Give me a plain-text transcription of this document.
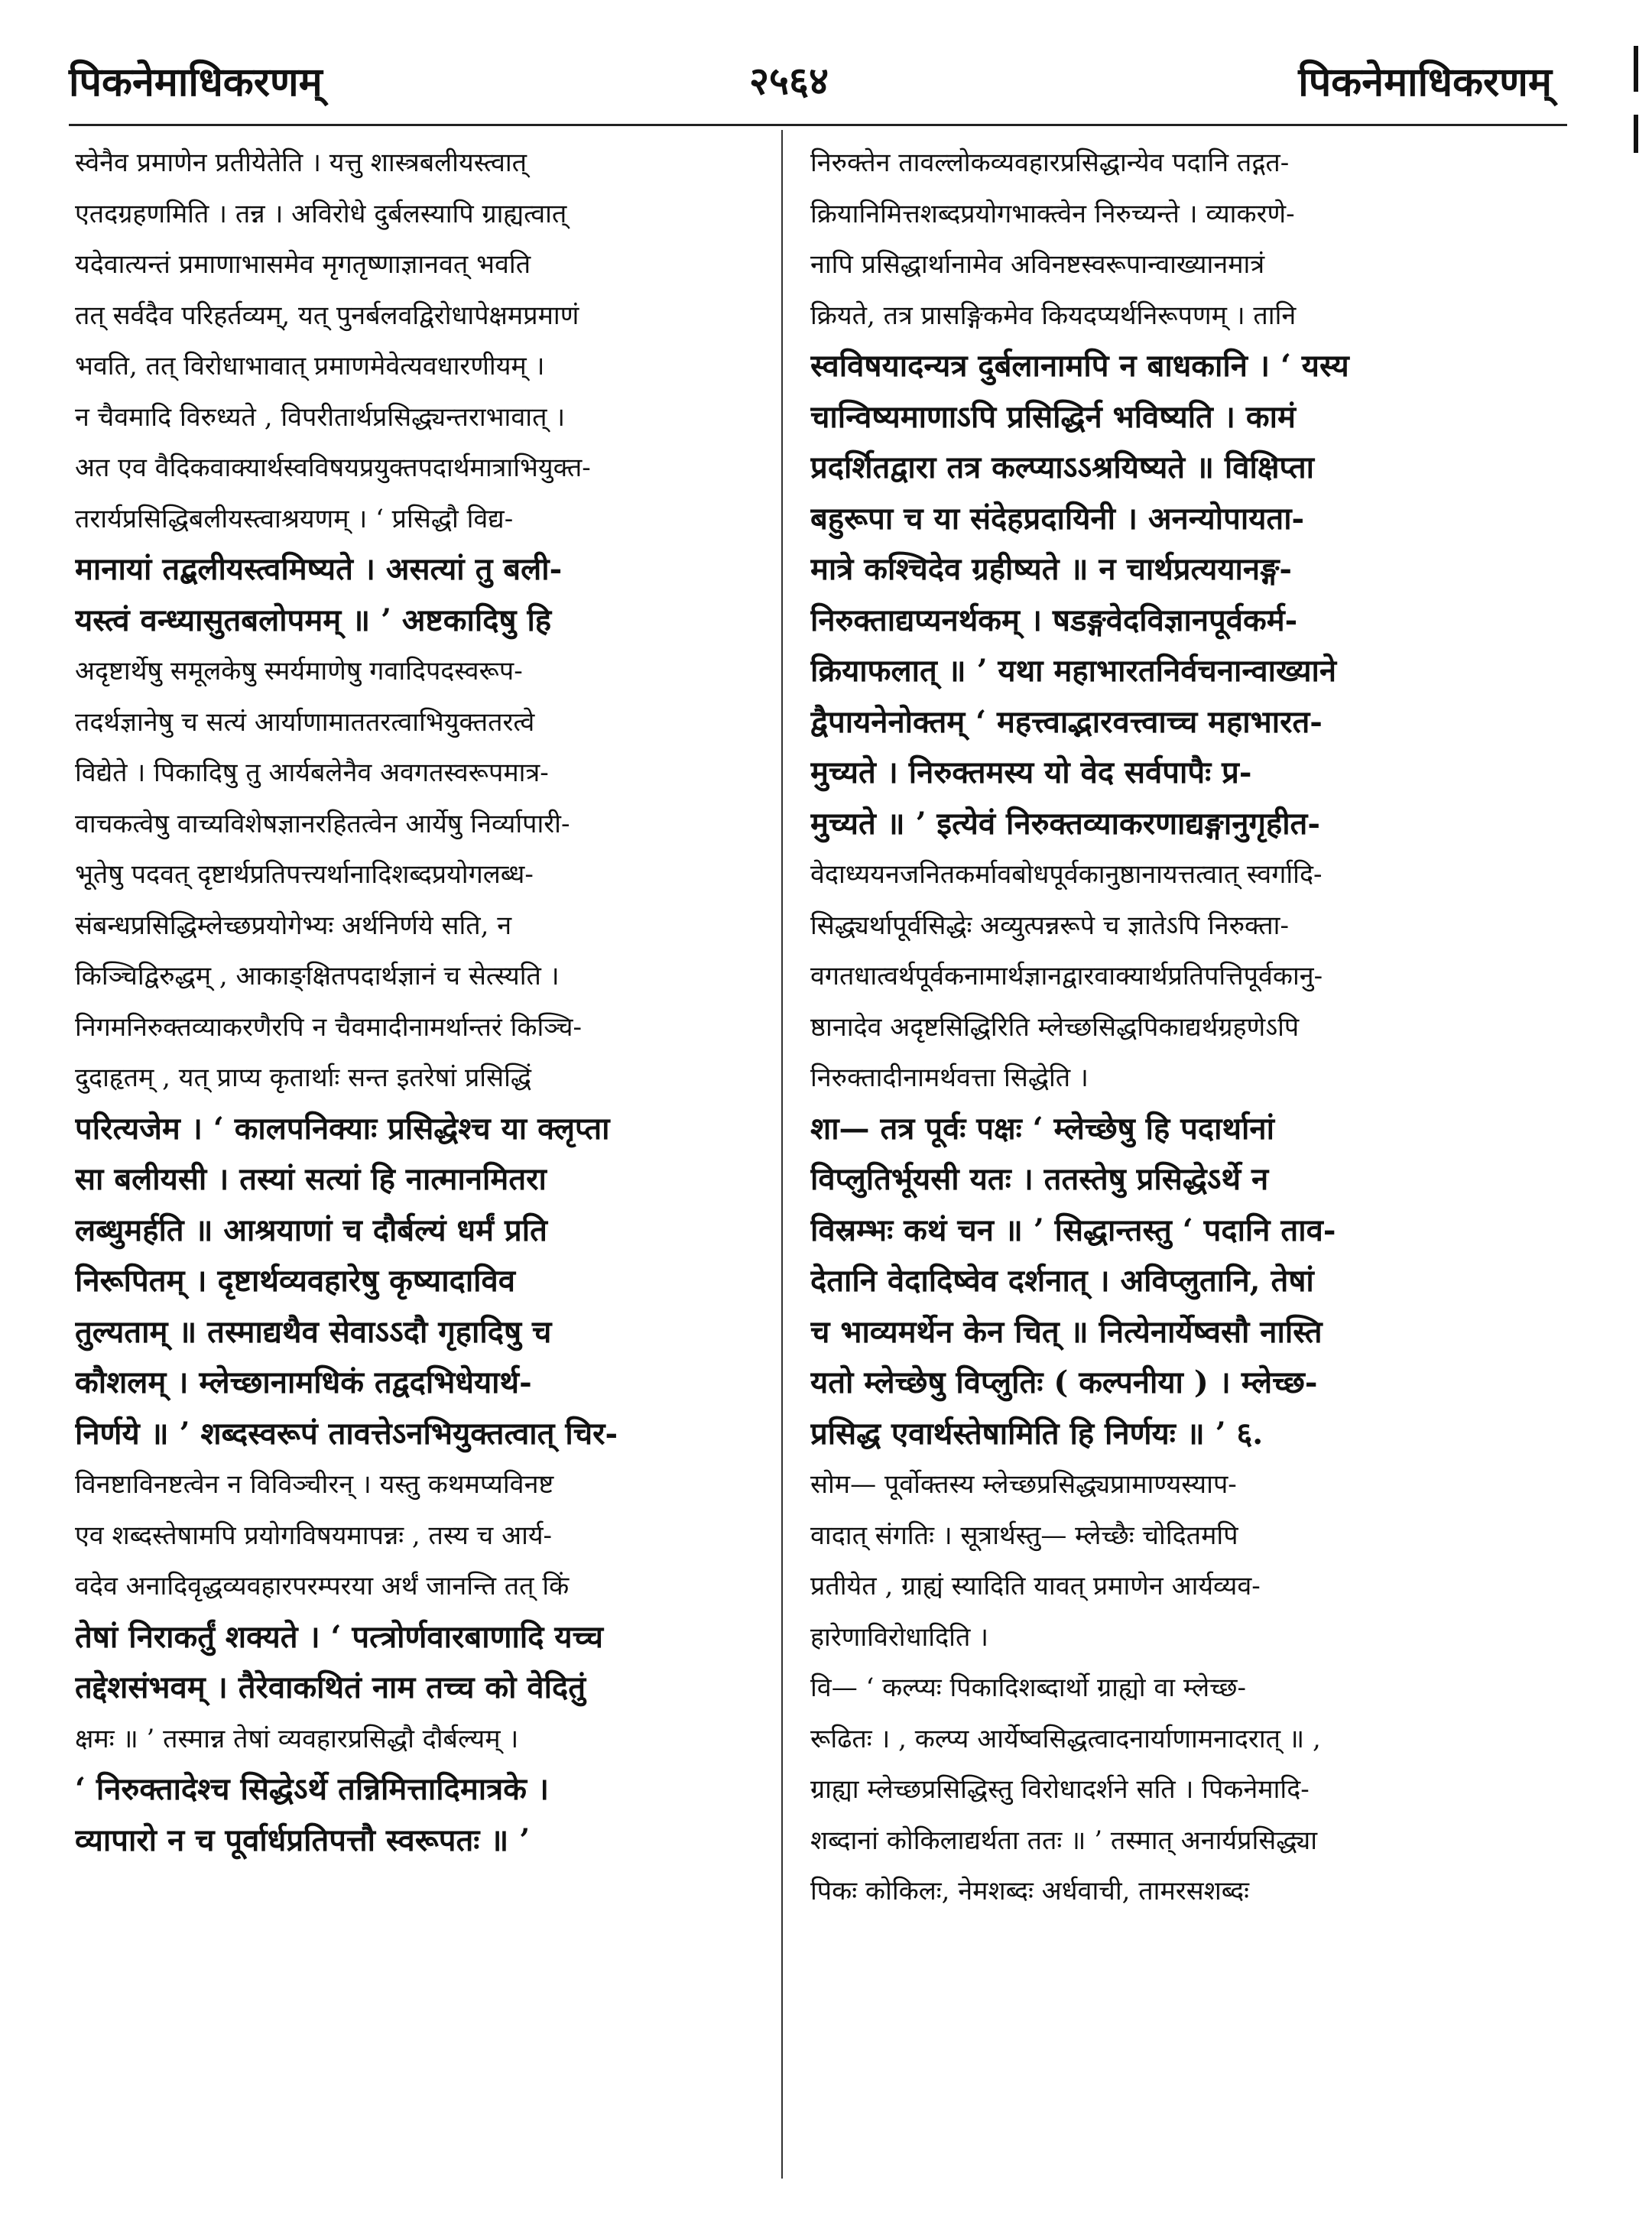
पिकनेमाधिकरणम्	२५६४	पिकनेमाधिकरणम्
स्वेनैव प्रमाणेन प्रतीयेतेति । यत्तु शास्त्रबलीयस्त्वात्
एतदग्रहणमिति । तन्न । अविरोधे दुर्बलस्यापि ग्राह्यत्वात्
यदेवात्यन्तं प्रमाणाभासमेव मृगतृष्णाज्ञानवत् भवति
तत् सर्वदैव परिहर्तव्यम्, यत् पुनर्बलवद्विरोधापेक्षमप्रमाणं
भवति, तत् विरोधाभावात् प्रमाणमेवेत्यवधारणीयम् ।
न चैवमादि विरुध्यते , विपरीतार्थप्रसिद्ध्यन्तराभावात् ।
अत एव वैदिकवाक्यार्थस्वविषयप्रयुक्तपदार्थमात्राभियुक्त-
तरार्यप्रसिद्धिबलीयस्त्वाश्रयणम् । ‘ प्रसिद्धौ विद्य-
मानायां तद्बलीयस्त्वमिष्यते । असत्यां तु बली-
यस्त्वं वन्ध्यासुतबलोपमम् ॥ ’ अष्टकादिषु हि
अदृष्टार्थेषु समूलकेषु स्मर्यमाणेषु गवादिपदस्वरूप-
तदर्थज्ञानेषु च सत्यं आर्याणामाततरत्वाभियुक्ततरत्वे
विद्येते । पिकादिषु तु आर्यबलेनैव अवगतस्वरूपमात्र-
वाचकत्वेषु वाच्यविशेषज्ञानरहितत्वेन आर्येषु निर्व्यापारी-
भूतेषु पदवत् दृष्टार्थप्रतिपत्त्यर्थानादिशब्दप्रयोगलब्ध-
संबन्धप्रसिद्धिम्लेच्छप्रयोगेभ्यः अर्थनिर्णये सति, न
किञ्चिद्विरुद्धम् , आकाङ्क्षितपदार्थज्ञानं च सेत्स्यति ।
निगमनिरुक्तव्याकरणैरपि न चैवमादीनामर्थान्तरं किञ्चि-
दुदाहृतम् , यत् प्राप्य कृतार्थाः सन्त इतरेषां प्रसिद्धिं
परित्यजेम । ‘ कालपनिक्याः प्रसिद्धेश्च या क्लृप्ता
सा बलीयसी । तस्यां सत्यां हि नात्मानमितरा
लब्धुमर्हति ॥ आश्रयाणां च दौर्बल्यं धर्मं प्रति
निरूपितम् । दृष्टार्थव्यवहारेषु कृष्यादाविव
तुल्यताम् ॥ तस्माद्यथैव सेवाऽऽदौ गृहादिषु च
कौशलम् । म्लेच्छानामधिकं तद्वदभिधेयार्थ-
निर्णये ॥ ’ शब्दस्वरूपं तावत्तेऽनभियुक्तत्वात् चिर-
विनष्टाविनष्टत्वेन न विविञ्चीरन् । यस्तु कथमप्यविनष्ट
एव शब्दस्तेषामपि प्रयोगविषयमापन्नः , तस्य च आर्य-
वदेव अनादिवृद्धव्यवहारपरम्परया अर्थं जानन्ति तत् किं
तेषां निराकर्तुं शक्यते । ‘ पत्त्रोर्णवारबाणादि यच्च
तद्देशसंभवम् । तैरेवाकथितं नाम तच्च को वेदितुं
क्षमः ॥ ’ तस्मान्न तेषां व्यवहारप्रसिद्धौ दौर्बल्यम् ।
‘ निरुक्तादेश्च सिद्धेऽर्थे तन्निमित्तादिमात्रके ।
व्यापारो न च पूर्वार्धप्रतिपत्तौ स्वरूपतः ॥ ’
निरुक्तेन तावल्लोकव्यवहारप्रसिद्धान्येव पदानि तद्गत-
क्रियानिमित्तशब्दप्रयोगभाक्त्वेन निरुच्यन्ते । व्याकरणे-
नापि प्रसिद्धार्थानामेव अविनष्टस्वरूपान्वाख्यानमात्रं
क्रियते, तत्र प्रासङ्गिकमेव कियदप्यर्थनिरूपणम् । तानि
स्वविषयादन्यत्र दुर्बलानामपि न बाधकानि । ‘ यस्य
चान्विष्यमाणाऽपि प्रसिद्धिर्न भविष्यति । कामं
प्रदर्शितद्वारा तत्र कल्प्याऽऽश्रयिष्यते ॥ विक्षिप्ता
बहुरूपा च या संदेहप्रदायिनी । अनन्योपायता-
मात्रे कश्चिदेव ग्रहीष्यते ॥ न चार्थप्रत्ययानङ्ग-
निरुक्ताद्यप्यनर्थकम् । षडङ्गवेदविज्ञानपूर्वकर्म-
क्रियाफलात् ॥ ’ यथा महाभारतनिर्वचनान्वाख्याने
द्वैपायनेनोक्तम् ‘ महत्त्वाद्भारवत्त्वाच्च महाभारत-
मुच्यते । निरुक्तमस्य यो वेद सर्वपापैः प्र-
मुच्यते ॥ ’ इत्येवं निरुक्तव्याकरणाद्यङ्गानुगृहीत-
वेदाध्ययनजनितकर्मावबोधपूर्वकानुष्ठानायत्तत्वात् स्वर्गादि-
सिद्ध्यर्थापूर्वसिद्धेः अव्युत्पन्नरूपे च ज्ञातेऽपि निरुक्ता-
वगतधात्वर्थपूर्वकनामार्थज्ञानद्वारवाक्यार्थप्रतिपत्तिपूर्वकानु-
ष्ठानादेव अदृष्टसिद्धिरिति म्लेच्छसिद्धपिकाद्यर्थग्रहणेऽपि
निरुक्तादीनामर्थवत्ता सिद्धेति ।
शा— तत्र पूर्वः पक्षः ‘ म्लेच्छेषु हि पदार्थानां
विप्लुतिर्भूयसी यतः । ततस्तेषु प्रसिद्धेऽर्थे न
विस्रम्भः कथं चन ॥ ’ सिद्धान्तस्तु ‘ पदानि ताव-
देतानि वेदादिष्वेव दर्शनात् । अविप्लुतानि, तेषां
च भाव्यमर्थेन केन चित् ॥ नित्येनार्येष्वसौ नास्ति
यतो म्लेच्छेषु विप्लुतिः ( कल्पनीया ) । म्लेच्छ-
प्रसिद्ध एवार्थस्तेषामिति हि निर्णयः ॥ ’ ६.
सोम— पूर्वोक्तस्य म्लेच्छप्रसिद्ध्यप्रामाण्यस्याप-
वादात् संगतिः । सूत्रार्थस्तु— म्लेच्छैः चोदितमपि
प्रतीयेत , ग्राह्यं स्यादिति यावत् प्रमाणेन आर्यव्यव-
हारेणाविरोधादिति ।
वि— ‘ कल्प्यः पिकादिशब्दार्थो ग्राह्यो वा म्लेच्छ-
रूढितः । , कल्प्य आर्येष्वसिद्धत्वादनार्याणामनादरात् ॥ ,
ग्राह्या म्लेच्छप्रसिद्धिस्तु विरोधादर्शने सति । पिकनेमादि-
शब्दानां कोकिलाद्यर्थता ततः ॥ ’ तस्मात् अनार्यप्रसिद्ध्या
पिकः कोकिलः, नेमशब्दः अर्धवाची, तामरसशब्दः
